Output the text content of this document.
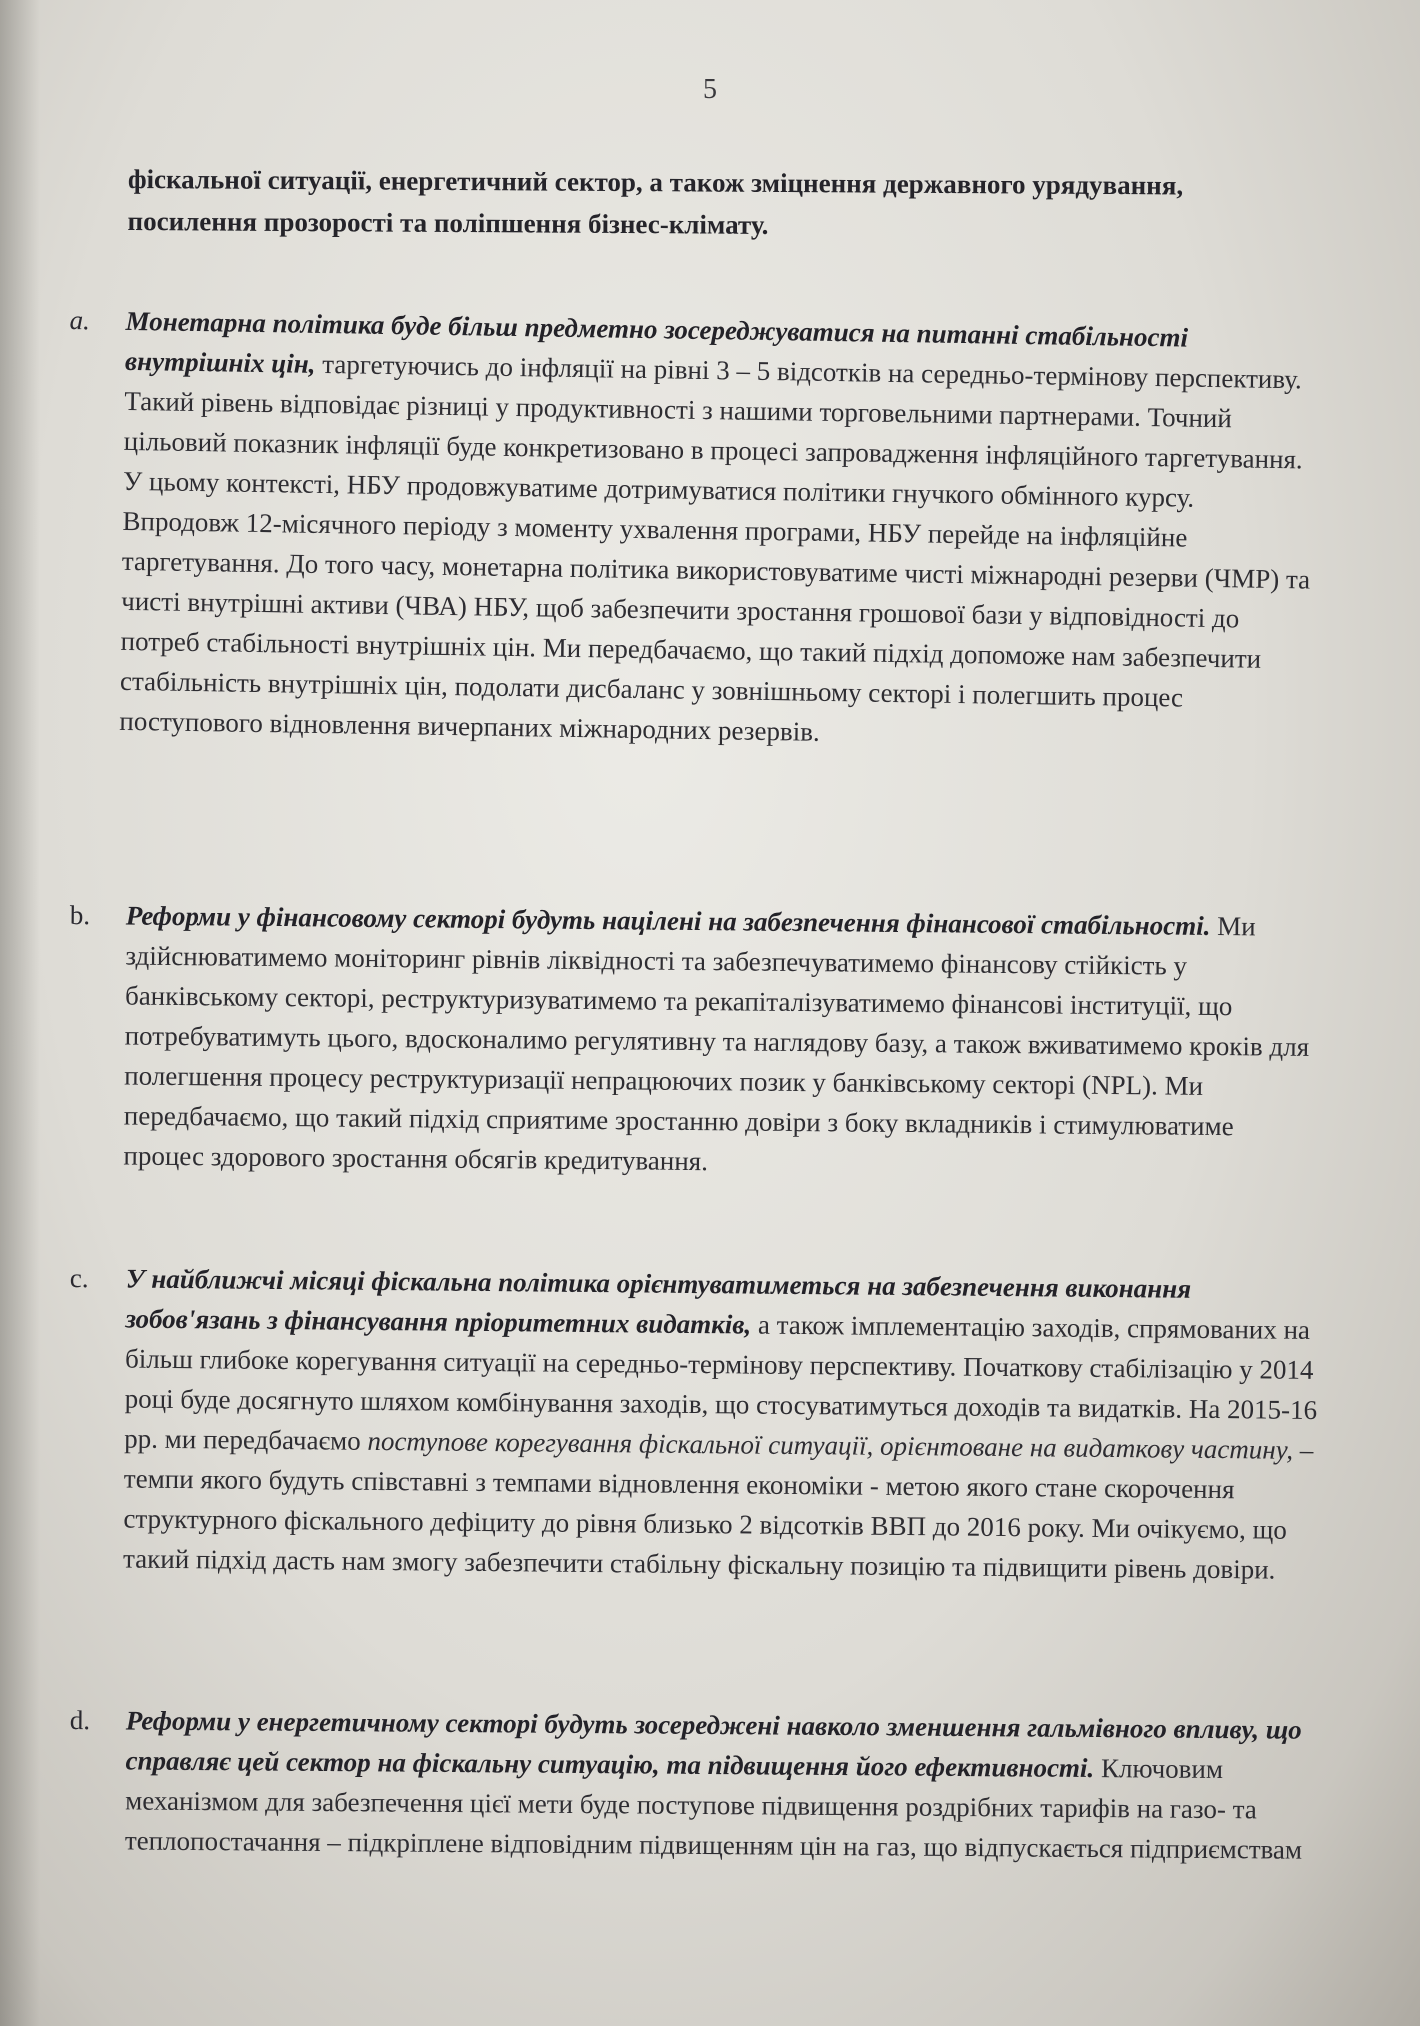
5
фіскальної ситуації, енергетичний сектор, а також зміцнення державного урядування, посилення прозорості та поліпшення бізнес-клімату.
a.	Монетарна політика буде більш предметно зосереджуватися на питанні стабільності внутрішніх цін, таргетуючись до інфляції на рівні 3 – 5 відсотків на середньо-термінову перспективу. Такий рівень відповідає різниці у продуктивності з нашими торговельними партнерами. Точний цільовий показник інфляції буде конкретизовано в процесі запровадження інфляційного таргетування. У цьому контексті, НБУ продовжуватиме дотримуватися політики гнучкого обмінного курсу. Впродовж 12-місячного періоду з моменту ухвалення програми, НБУ перейде на інфляційне таргетування. До того часу, монетарна політика використовуватиме чисті міжнародні резерви (ЧМР) та чисті внутрішні активи (ЧВА) НБУ, щоб забезпечити зростання грошової бази у відповідності до потреб стабільності внутрішніх цін. Ми передбачаємо, що такий підхід допоможе нам забезпечити стабільність внутрішніх цін, подолати дисбаланс у зовнішньому секторі і полегшить процес поступового відновлення вичерпаних міжнародних резервів.
b.	Реформи у фінансовому секторі будуть націлені на забезпечення фінансової стабільності. Ми здійснюватимемо моніторинг рівнів ліквідності та забезпечуватимемо фінансову стійкість у банківському секторі, реструктуризуватимемо та рекапіталізуватимемо фінансові інституції, що потребуватимуть цього, вдосконалимо регулятивну та наглядову базу, а також вживатимемо кроків для полегшення процесу реструктуризації непрацюючих позик у банківському секторі (NPL). Ми передбачаємо, що такий підхід сприятиме зростанню довіри з боку вкладників і стимулюватиме процес здорового зростання обсягів кредитування.
c.	У найближчі місяці фіскальна політика орієнтуватиметься на забезпечення виконання зобов'язань з фінансування пріоритетних видатків, а також імплементацію заходів, спрямованих на більш глибоке корегування ситуації на середньо-термінову перспективу. Початкову стабілізацію у 2014 році буде досягнуто шляхом комбінування заходів, що стосуватимуться доходів та видатків. На 2015-16 рр. ми передбачаємо поступове корегування фіскальної ситуації, орієнтоване на видаткову частину, – темпи якого будуть співставні з темпами відновлення економіки - метою якого стане скорочення структурного фіскального дефіциту до рівня близько 2 відсотків ВВП до 2016 року. Ми очікуємо, що такий підхід дасть нам змогу забезпечити стабільну фіскальну позицію та підвищити рівень довіри.
d.	Реформи у енергетичному секторі будуть зосереджені навколо зменшення гальмівного впливу, що справляє цей сектор на фіскальну ситуацію, та підвищення його ефективності. Ключовим механізмом для забезпечення цієї мети буде поступове підвищення роздрібних тарифів на газо- та теплопостачання – підкріплене відповідним підвищенням цін на газ, що відпускається підприємствам
